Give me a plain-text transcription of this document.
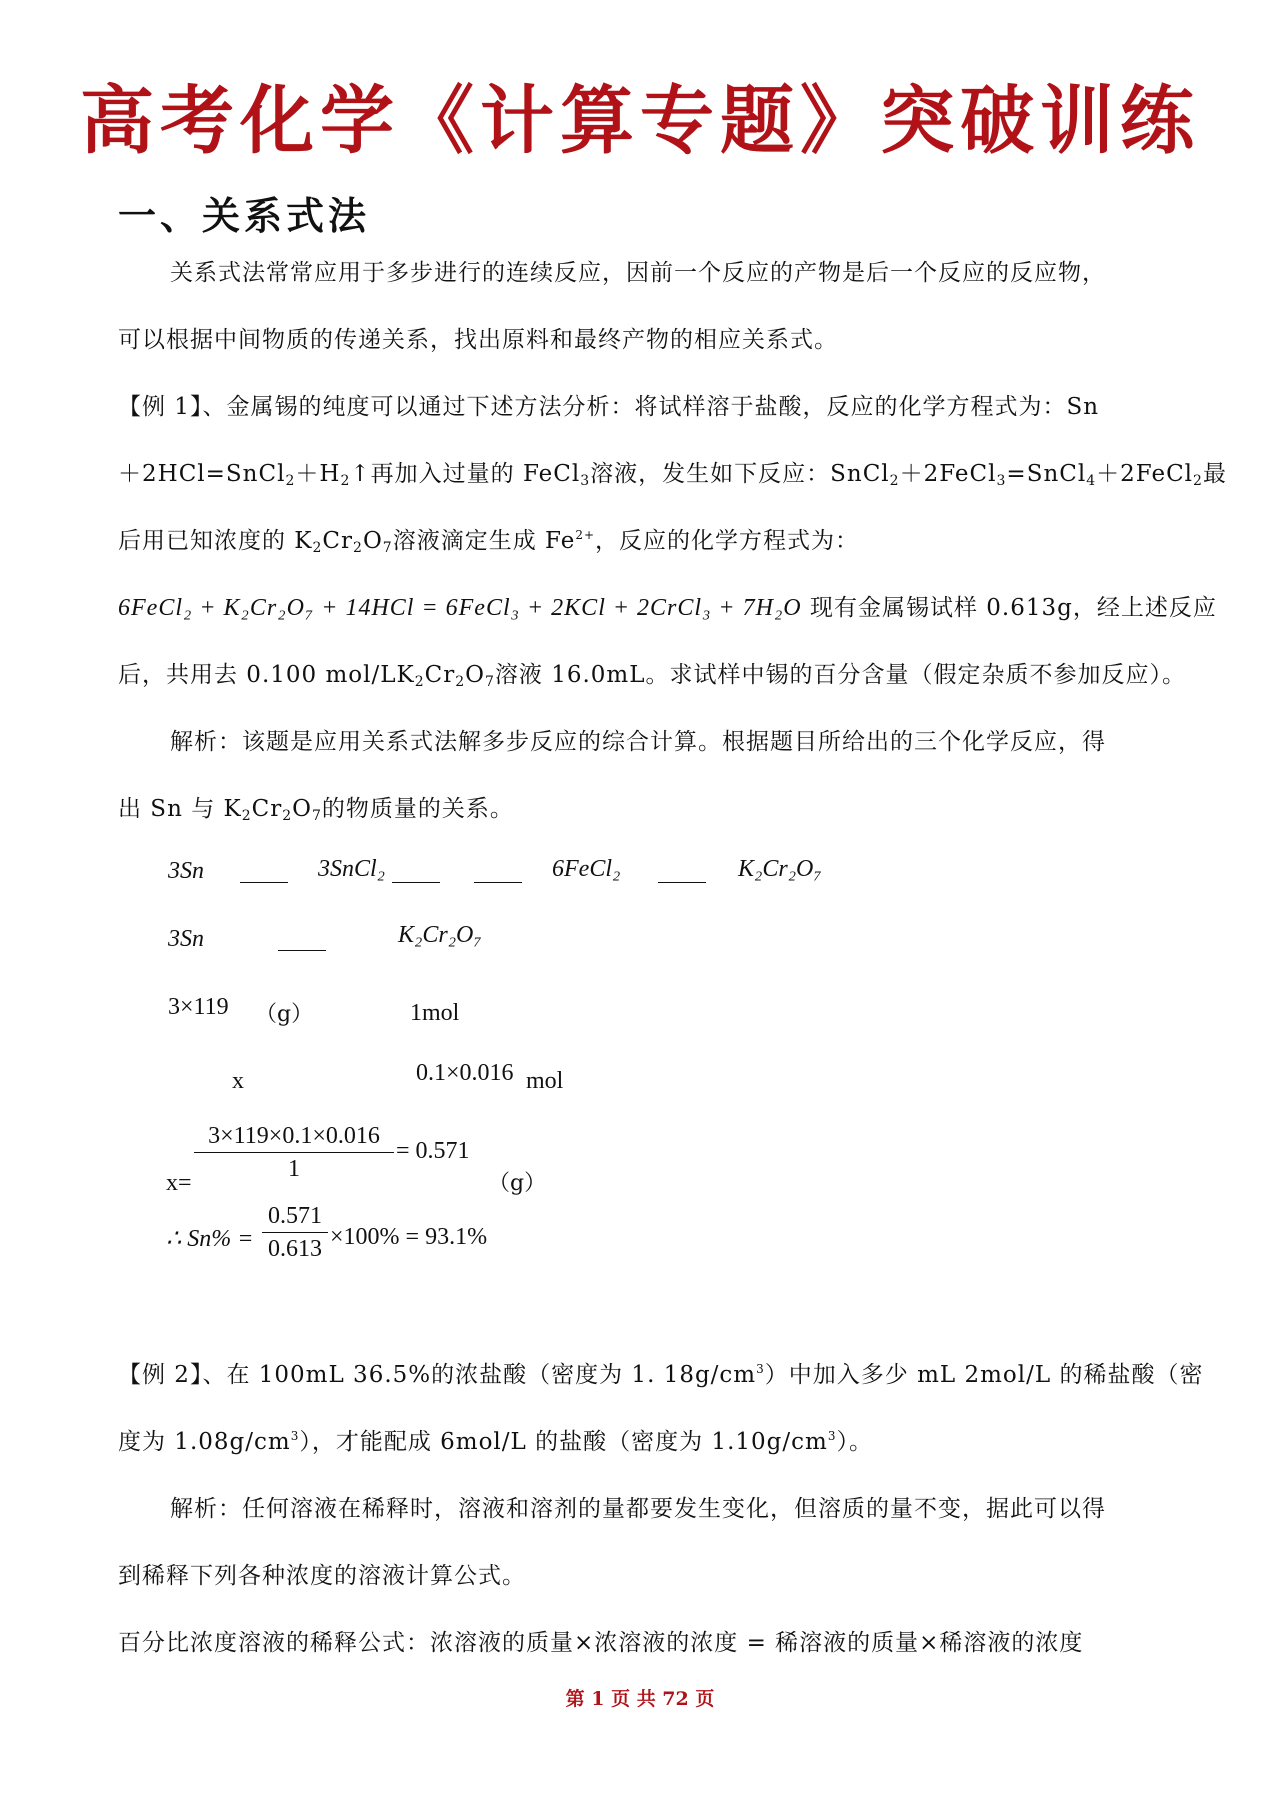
高考化学《计算专题》突破训练
一、关系式法
关系式法常常应用于多步进行的连续反应，因前一个反应的产物是后一个反应的反应物，
可以根据中间物质的传递关系，找出原料和最终产物的相应关系式。
【例 1】、金属锡的纯度可以通过下述方法分析：将试样溶于盐酸，反应的化学方程式为：Sn
$+2HCl=SnCl_2+H_2↑$再加入过量的 FeCl$_3$溶液，发生如下反应：SnCl$_2$＋2FeCl$_3$=SnCl$_4$＋2FeCl$_2$最
后用已知浓度的 $K_2Cr_2O_7$溶液滴定生成 $Fe^{2+}$，反应的化学方程式为：
6FeCl₂ + K₂Cr₂O₇ + 14HCl = 6FeCl₃ + 2KCl + 2CrCl₃ + 7H₂O 现有金属锡试样 0.613g，经上述反应
后，共用去 0.100 mol/$LK_2Cr_2O_7$溶液 16.0mL。求试样中锡的百分含量（假定杂质不参加反应）。
解析：该题是应用关系式法解多步反应的综合计算。根据题目所给出的三个化学反应，得
出 Sn 与 $K_2Cr_2O_7$的物质量的关系。
3Sn	3SnCl₂	6FeCl₂	K₂Cr₂O₇
3Sn	K₂Cr₂O₇
3×119 （g）	1mol
x	0.1×0.016 mol
$x= \frac{3\times 119\times 0.1\times 0.016}{1} = 0.571$
（g）
∴ $Sn\% = \frac{0.571}{0.613} \times 100\% = 93.1\%$
【例 2】、在 100mL 36.5%的浓盐酸（密度为 1. $18g/cm^3$）中加入多少 mL 2mol/L 的稀盐酸（密
度为 $1.08g/cm^3$），才能配成 6mol/L 的盐酸（密度为 $1.10g/cm^3$）。
解析：任何溶液在稀释时，溶液和溶剂的量都要发生变化，但溶质的量不变，据此可以得
到稀释下列各种浓度的溶液计算公式。
百分比浓度溶液的稀释公式：浓溶液的质量×浓溶液的浓度 = 稀溶液的质量×稀溶液的浓度
第 1 页 共 72 页
